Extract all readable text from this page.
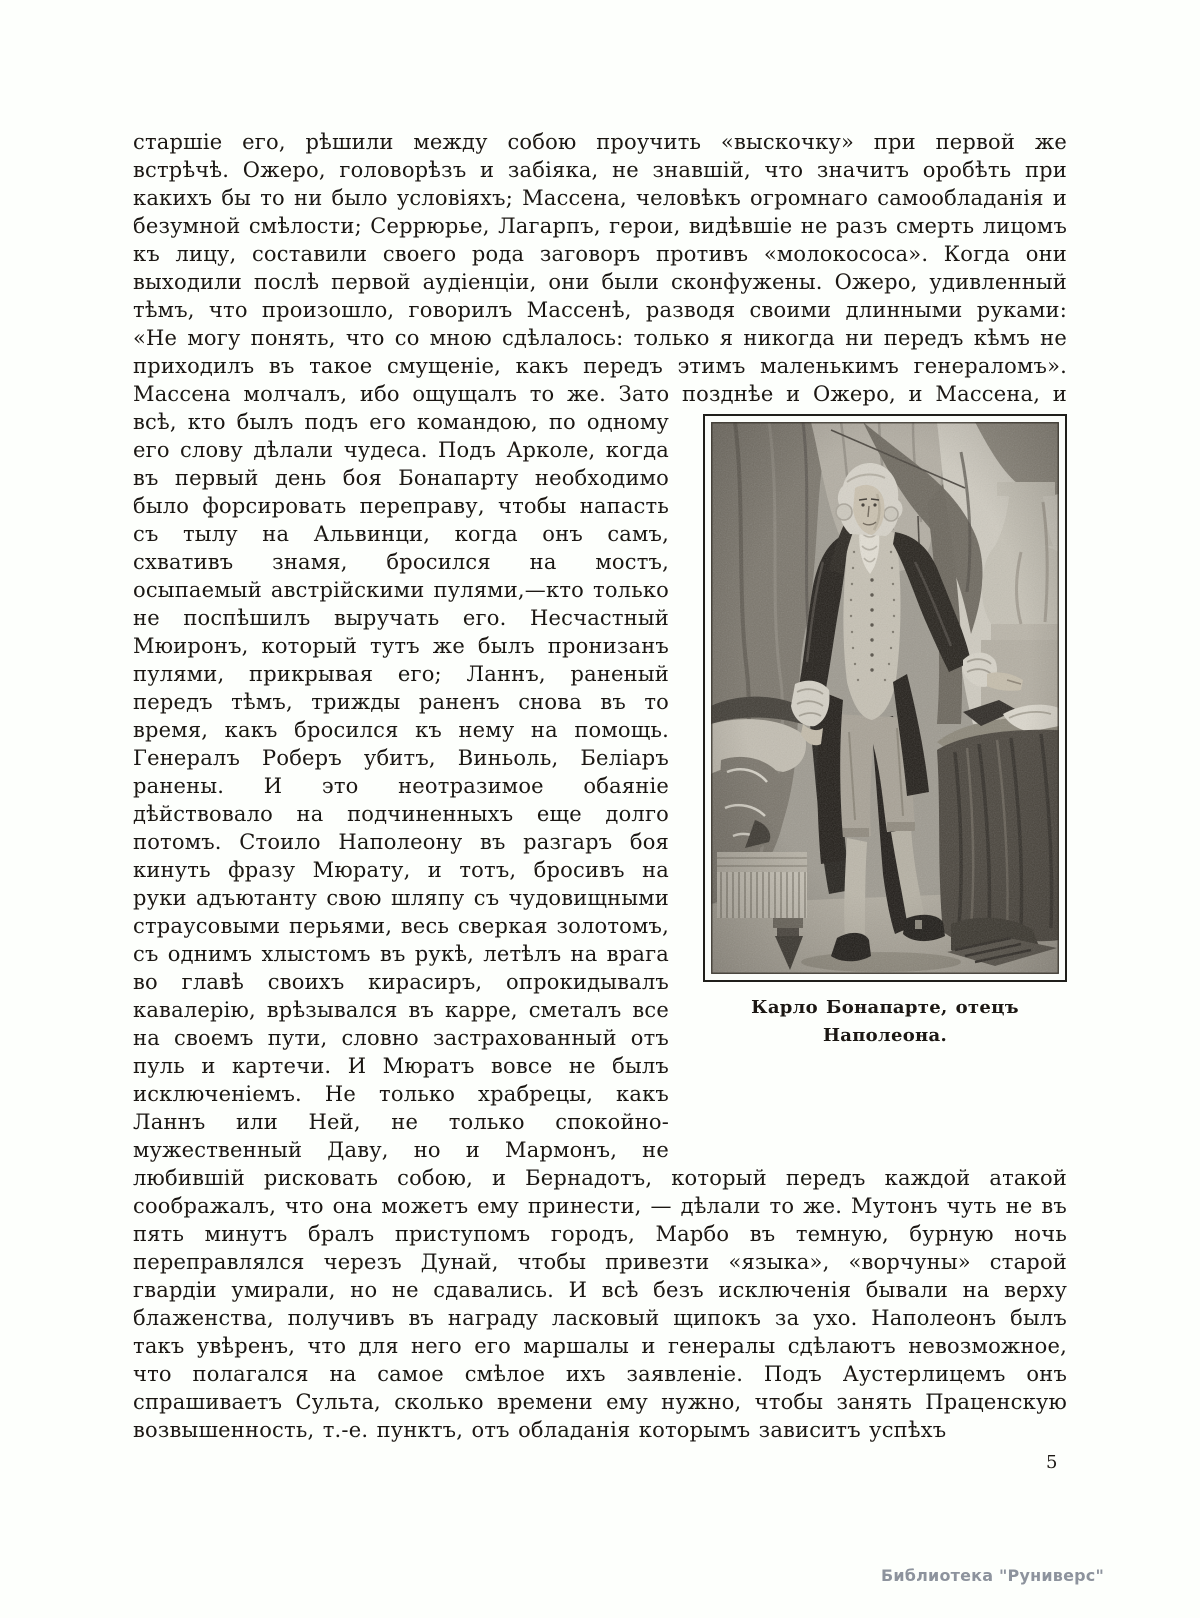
старшіе его, рѣшили между собою проучить «выскочку» при первой же встрѣчѣ. Ожеро, головорѣзъ и забіяка, не знавшій, что значитъ оробѣть при какихъ бы то ни было условіяхъ; Массена, человѣкъ огромнаго самообладанія и безумной смѣлости; Серрюрье, Лагарпъ, герои, видѣвшіе не разъ смерть лицомъ къ лицу, составили своего рода заговоръ противъ «молокососа». Когда они выходили послѣ первой аудіенціи, они были сконфужены. Ожеро, удивленный тѣмъ, что произошло, говорилъ Массенѣ, разводя своими длинными руками: «Не могу понять, что со мною сдѣлалось: только я никогда ни передъ кѣмъ не приходилъ въ такое смущеніе, какъ передъ этимъ маленькимъ генераломъ». Массена молчалъ, ибо ощущалъ то же. Зато позднѣе и Ожеро, и Массена, и всѣ, кто былъ подъ его командою,
Карло Бонапарте, отецъ Наполеона.
по одному его слову дѣлали чудеса. Подъ Арколе, когда въ первый день боя Бонапарту необходимо было форсировать переправу, чтобы напасть съ тылу на Альвинци, когда онъ самъ, схвативъ знамя, бросился на мостъ, осыпаемый австрійскими пулями,—кто только не поспѣшилъ выручать его. Несчастный Мюиронъ, который тутъ же былъ пронизанъ пулями, прикрывая его; Ланнъ, раненый передъ тѣмъ, трижды раненъ снова въ то время, какъ бросился къ нему на помощь. Генералъ Роберъ убитъ, Виньоль, Беліаръ ранены. И это неотразимое обаяніе дѣйствовало на подчиненныхъ еще долго потомъ. Стоило Наполеону въ разгаръ боя кинуть фразу Мюрату, и тотъ, бросивъ на руки адъютанту свою шляпу съ чудовищными страусовыми перьями, весь сверкая золотомъ, съ однимъ хлыстомъ въ рукѣ, летѣлъ на врага во главѣ своихъ кирасиръ, опрокидывалъ кавалерію, врѣзывался въ карре, сметалъ все на своемъ пути, словно застрахованный отъ пуль и картечи. И Мюратъ вовсе не былъ исключеніемъ. Не только храбрецы, какъ Ланнъ или Ней, не только спокойно-мужественный Даву, но и Мармонъ, не любившій рисковать собою, и Бернадотъ, который передъ каждой атакой соображалъ, что она можетъ ему принести, — дѣлали то же. Мутонъ чуть не въ пять минутъ бралъ приступомъ городъ, Марбо въ темную, бурную ночь переправлялся черезъ Дунай, чтобы привезти «языка», «ворчуны» старой гвардіи умирали, но не сдавались. И всѣ безъ исключенія бывали на верху блаженства, получивъ въ награду ласковый щипокъ за ухо. Наполеонъ былъ такъ увѣренъ, что для него его маршалы и генералы сдѣлаютъ невозможное, что полагался на самое смѣлое ихъ заявленіе. Подъ Аустерлицемъ онъ спрашиваетъ Сульта, сколько времени ему нужно, чтобы занять Праценскую возвышенность, т.-е. пунктъ, отъ обладанія которымъ зависитъ успѣхъ
5
Библиотека "Руниверс"
